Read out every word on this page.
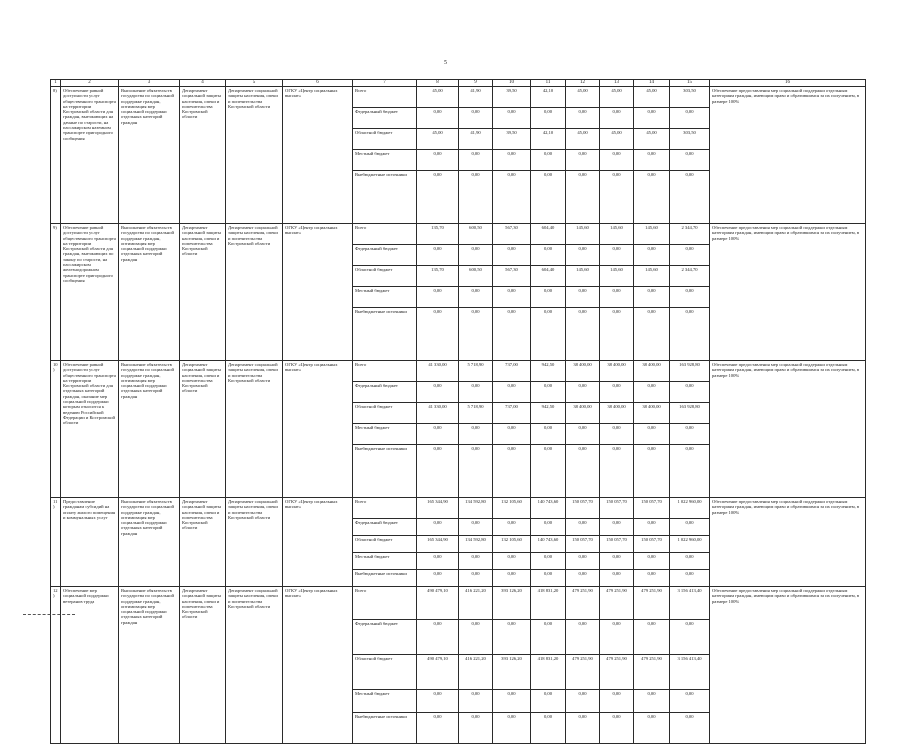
5
1	2	3	4	5	6	7	8	9	10	11	12	13	14	15	16
8)	Обеспечение равной доступности услуг общественного транспорта на территории Костромской области для граждан, выезжающих на дачные по старости, на пассажирском наземном транспорте пригородного сообщения	Выполнение обязательств государства по социальной поддержке граждан, оптимизация мер социальной поддержки отдельных категорий граждан	Департамент социальной защиты населения, опеки и попечительства Костромской области	Департамент социальной защиты населения, опеки и попечительства Костромской области	ОГКУ «Центр социальных выплат»	Всего	45,00	41,90	39,50	42,10	45,00	45,00	45,00	303,50	Обеспечение предоставления мер социальной поддержки отдельным категориям граждан, имеющим право и обратившимся за их получением, в размере 100%
						Федеральный бюджет	0,00	0,00	0,00	0,00	0,00	0,00	0,00	0,00	
						Областной бюджет	45,00	41,90	39,50	42,10	45,00	45,00	45,00	303,50	
						Местный бюджет	0,00	0,00	0,00	0,00	0,00	0,00	0,00	0,00	
						Внебюджетные источники	0,00	0,00	0,00	0,00	0,00	0,00	0,00	0,00	
9)	Обеспечение равной доступности услуг общественного транспорта на территории Костромской области для граждан, выезжающих по закону по старости, на пассажирском железнодорожном транспорте пригородного сообщения	Выполнение обязательств государства по социальной поддержке граждан, оптимизация мер социальной поддержки отдельных категорий граждан	Департамент социальной защиты населения, опеки и попечительства Костромской области	Департамент социальной защиты населения, опеки и попечительства Костромской области	ОГКУ «Центр социальных выплат»	Всего	135,70	600,50	567,30	604,40	145,60	145,60	145,60	2 344,70	Обеспечение предоставления мер социальной поддержки отдельным категориям граждан, имеющим право и обратившимся за их получением, в размере 100%
						Федеральный бюджет	0,00	0,00	0,00	0,00	0,00	0,00	0,00	0,00	
						Областной бюджет	135,70	600,50	567,30	604,40	145,60	145,60	145,60	2 344,70	
						Местный бюджет	0,00	0,00	0,00	0,00	0,00	0,00	0,00	0,00	
						Внебюджетные источники	0,00	0,00	0,00	0,00	0,00	0,00	0,00	0,00	
10)	Обеспечение равной доступности услуг общественного транспорта на территории Костромской области для отдельных категорий граждан, оказание мер социальной поддержки которым относится к ведению Российской Федерации и Костромской области	Выполнение обязательств государства по социальной поддержке граждан, оптимизация мер социальной поддержки отдельных категорий граждан	Департамент социальной защиты населения, опеки и попечительства Костромской области	Департамент социальной защиты населения, опеки и попечительства Костромской области	ОГКУ «Центр социальных выплат»	Всего	41 330,00	5 718,90	737,00	942,50	38 400,00	38 400,00	38 400,00	163 928,80	Обеспечение предоставления мер социальной поддержки отдельным категориям граждан, имеющим право и обратившимся за их получением, в размере 100%
						Федеральный бюджет	0,00	0,00	0,00	0,00	0,00	0,00	0,00	0,00	
						Областной бюджет	41 330,00	5 718,90	737,00	942,50	38 400,00	38 400,00	38 400,00	163 928,80	
						Местный бюджет	0,00	0,00	0,00	0,00	0,00	0,00	0,00	0,00	
						Внебюджетные источники	0,00	0,00	0,00	0,00	0,00	0,00	0,00	0,00	
11)	Предоставление гражданам субсидий на оплату жилого помещения и коммунальных услуг	Выполнение обязательств государства по социальной поддержке граждан, оптимизация мер социальной поддержки отдельных категорий граждан	Департамент социальной защиты населения, опеки и попечительства Костромской области	Департамент социальной защиты населения, опеки и попечительства Костромской области	ОГКУ «Центр социальных выплат»	Всего	165 344,90	134 592,80	132 105,60	140 743,60	150 057,70	150 057,70	150 057,70	1 022 960,00	Обеспечение предоставления мер социальной поддержки отдельным категориям граждан, имеющим право и обратившимся за их получением, в размере 100%
						Федеральный бюджет	0,00	0,00	0,00	0,00	0,00	0,00	0,00	0,00	
						Областной бюджет	165 344,90	134 592,80	132 105,60	140 743,60	150 057,70	150 057,70	150 057,70	1 022 960,00	
						Местный бюджет	0,00	0,00	0,00	0,00	0,00	0,00	0,00	0,00	
						Внебюджетные источники	0,00	0,00	0,00	0,00	0,00	0,00	0,00	0,00	
12)	Обеспечение мер социальной поддержки ветеранов труда	Выполнение обязательств государства по социальной поддержке граждан, оптимизация мер социальной поддержки отдельных категорий граждан	Департамент социальной защиты населения, опеки и попечительства Костромской области	Департамент социальной защиты населения, опеки и попечительства Костромской области	ОГКУ «Центр социальных выплат»	Всего	490 479,10	416 221,20	393 126,20	418 831,20	479 251,90	479 251,90	479 251,90	3 156 413,40	Обеспечение предоставления мер социальной поддержки отдельным категориям граждан, имеющим право и обратившимся за их получением, в размере 100%
						Федеральный бюджет	0,00	0,00	0,00	0,00	0,00	0,00	0,00	0,00	
						Областной бюджет	490 479,10	416 221,20	393 126,20	418 831,20	479 251,90	479 251,90	479 251,90	3 156 413,40	
						Местный бюджет	0,00	0,00	0,00	0,00	0,00	0,00	0,00	0,00	
						Внебюджетные источники	0,00	0,00	0,00	0,00	0,00	0,00	0,00	0,00	
